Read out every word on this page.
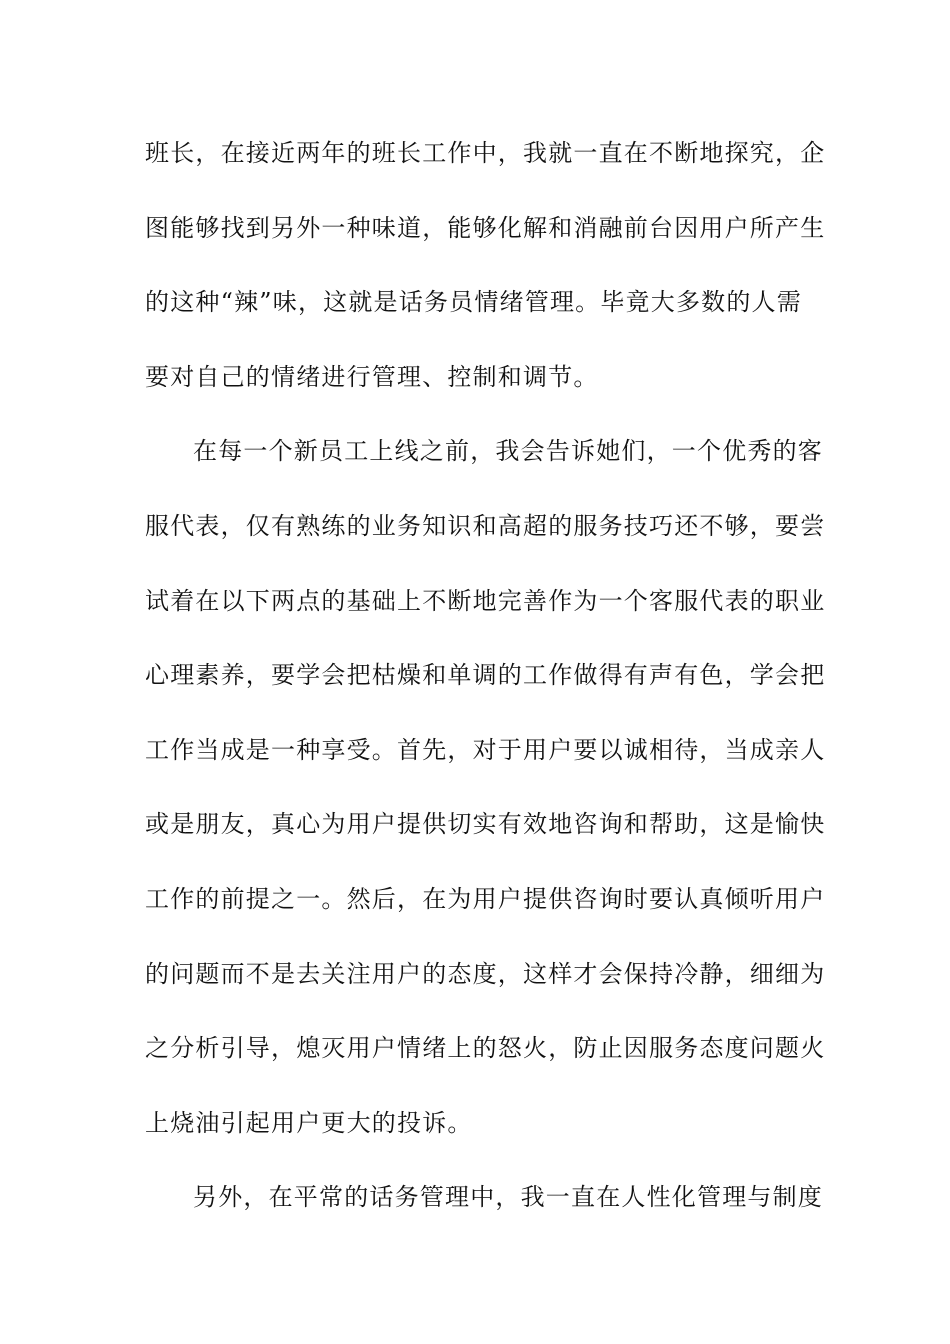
班长，在接近两年的班长工作中，我就一直在不断地探究，企
图能够找到另外一种味道，能够化解和消融前台因用户所产生
的这种“辣”味，这就是话务员情绪管理。毕竟大多数的人需
要对自己的情绪进行管理、控制和调节。
在每一个新员工上线之前，我会告诉她们，一个优秀的客
服代表，仅有熟练的业务知识和高超的服务技巧还不够，要尝
试着在以下两点的基础上不断地完善作为一个客服代表的职业
心理素养，要学会把枯燥和单调的工作做得有声有色，学会把
工作当成是一种享受。首先，对于用户要以诚相待，当成亲人
或是朋友，真心为用户提供切实有效地咨询和帮助，这是愉快
工作的前提之一。然后，在为用户提供咨询时要认真倾听用户
的问题而不是去关注用户的态度，这样才会保持冷静，细细为
之分析引导，熄灭用户情绪上的怒火，防止因服务态度问题火
上烧油引起用户更大的投诉。
另外，在平常的话务管理中，我一直在人性化管理与制度
